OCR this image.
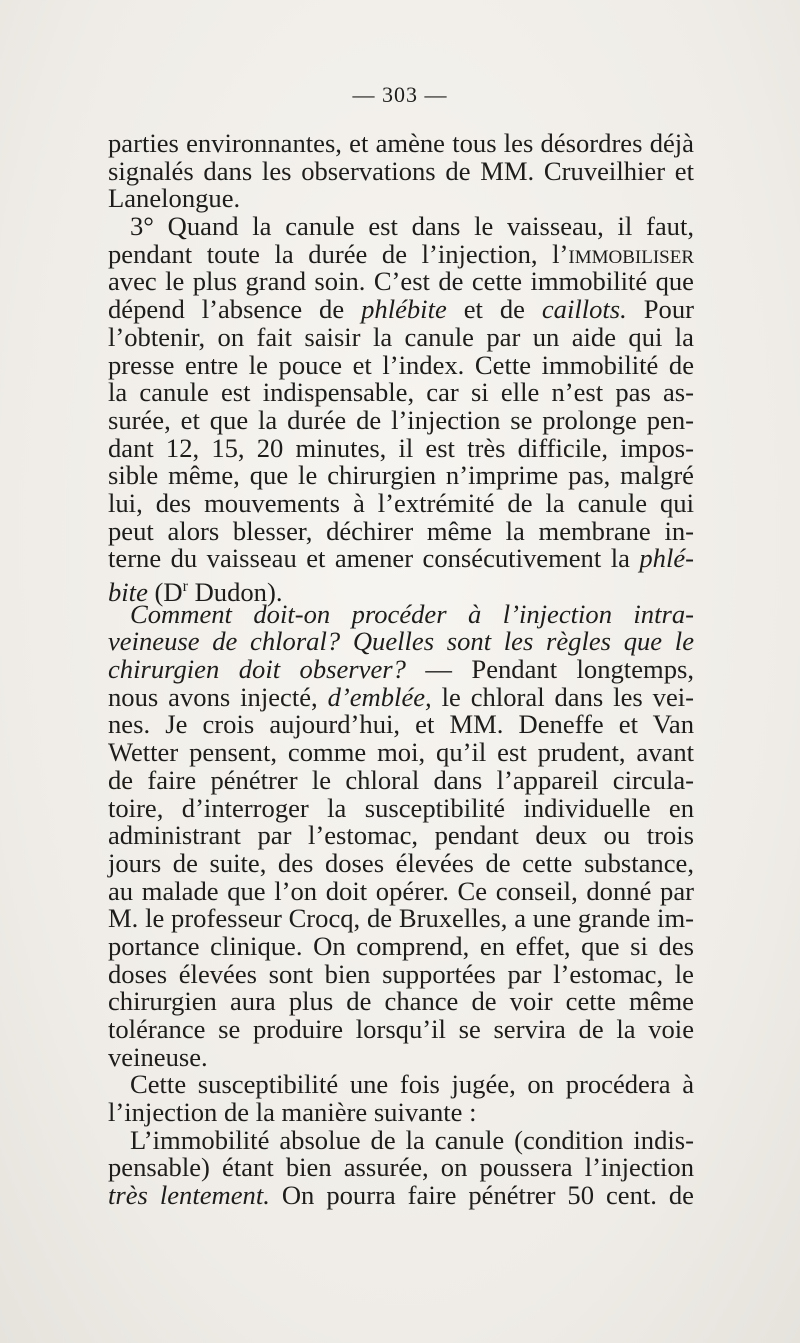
— 303 —
parties environnantes, et amène tous les désordres déjà
signalés dans les observations de MM. Cruveilhier et
Lanelongue.
3° Quand la canule est dans le vaisseau, il faut,
pendant toute la durée de l’injection, l’immobiliser
avec le plus grand soin. C’est de cette immobilité que
dépend l’absence de phlébite et de caillots. Pour
l’obtenir, on fait saisir la canule par un aide qui la
presse entre le pouce et l’index. Cette immobilité de
la canule est indispensable, car si elle n’est pas as-
surée, et que la durée de l’injection se prolonge pen-
dant 12, 15, 20 minutes, il est très difficile, impos-
sible même, que le chirurgien n’imprime pas, malgré
lui, des mouvements à l’extrémité de la canule qui
peut alors blesser, déchirer même la membrane in-
terne du vaisseau et amener consécutivement la phlé-
bite ($D^r$ Dudon).
Comment doit-on procéder à l’injection intra-
veineuse de chloral? Quelles sont les règles que le
chirurgien doit observer? — Pendant longtemps,
nous avons injecté, d’emblée, le chloral dans les vei-
nes. Je crois aujourd’hui, et MM. Deneffe et Van
Wetter pensent, comme moi, qu’il est prudent, avant
de faire pénétrer le chloral dans l’appareil circula-
toire, d’interroger la susceptibilité individuelle en
administrant par l’estomac, pendant deux ou trois
jours de suite, des doses élevées de cette substance,
au malade que l’on doit opérer. Ce conseil, donné par
M. le professeur Crocq, de Bruxelles, a une grande im-
portance clinique. On comprend, en effet, que si des
doses élevées sont bien supportées par l’estomac, le
chirurgien aura plus de chance de voir cette même
tolérance se produire lorsqu’il se servira de la voie
veineuse.
Cette susceptibilité une fois jugée, on procédera à
l’injection de la manière suivante :
L’immobilité absolue de la canule (condition indis-
pensable) étant bien assurée, on poussera l’injection
très lentement. On pourra faire pénétrer 50 cent. de
